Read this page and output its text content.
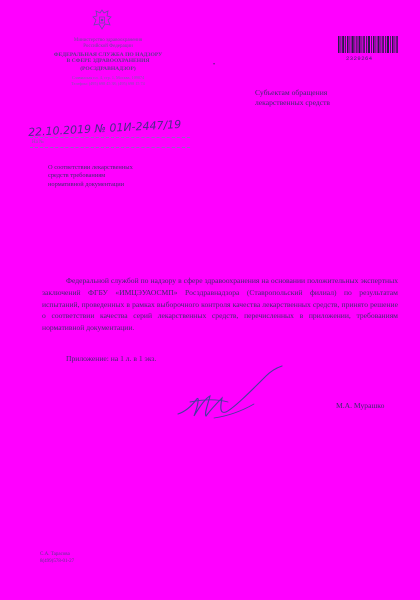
Министерство здравоохранения
Российской Федерации
ФЕДЕРАЛЬНАЯ СЛУЖБА ПО НАДЗОРУ
В СФЕРЕ ЗДРАВООХРАНЕНИЯ
(РОСЗДРАВНАДЗОР)
Славянская пл. 4, стр. 1, Москва, 109074
Телефон: (495) 698 45 38; (495) 698 15 74
•
22.10.2019 № 01И-2447/19
На №
О соответствии лекарственных
средств требованиям
нормативной документации
2329264
Субъектам обращения
лекарственных средств
Федеральной службой по надзору в сфере здравоохранения на основании положительных экспертных заключений ФГБУ «ИМЦЭУАОСМП» Росздравнадзора (Ставропольский филиал) по результатам испытаний, проведенных в рамках выборочного контроля качества лекарственных средств, принято решение о соответствии качества серий лекарственных средств, перечисленных в приложении, требованиям нормативной документации.
Приложение: на 1 л. в 1 экз.
М.А. Мурашко
С.А. Тарасова
8(499)578-01-27
